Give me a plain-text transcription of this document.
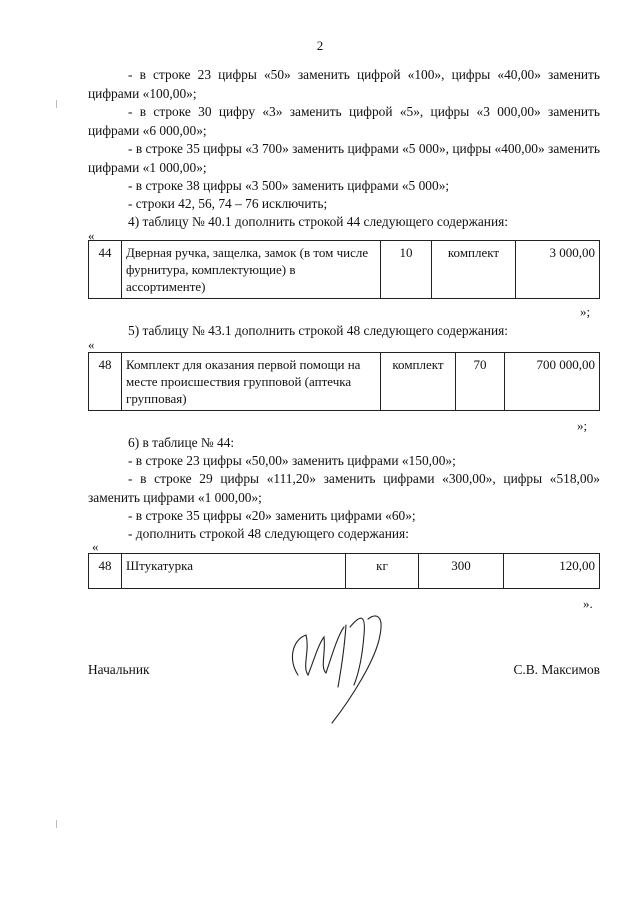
2
- в строке 23 цифры «50» заменить цифрой «100», цифры «40,00» заменить цифрами «100,00»;
- в строке 30 цифру «3» заменить цифрой «5», цифры «3 000,00» заменить цифрами «6 000,00»;
- в строке 35 цифры «3 700» заменить цифрами «5 000», цифры «400,00» заменить цифрами «1 000,00»;
- в строке 38 цифры «3 500» заменить цифрами «5 000»;
- строки 42, 56, 74 – 76 исключить;
4) таблицу № 40.1 дополнить строкой 44 следующего содержания:
«
44	Дверная ручка, защелка, замок (в том числе фурнитура, комплектующие) в ассортименте)	10	комплект	3 000,00
»;
5) таблицу № 43.1 дополнить строкой 48 следующего содержания:
«
48	Комплект для оказания первой помощи на месте происшествия групповой (аптечка групповая)	комплект	70	700 000,00
»;
6) в таблице № 44:
- в строке 23 цифры «50,00» заменить цифрами «150,00»;
- в строке 29 цифры «111,20» заменить цифрами «300,00», цифры «518,00» заменить цифрами «1 000,00»;
- в строке 35 цифры «20» заменить цифрами «60»;
- дополнить строкой 48 следующего содержания:
«
48	Штукатурка	кг	300	120,00
».
Начальник	С.В. Максимов
